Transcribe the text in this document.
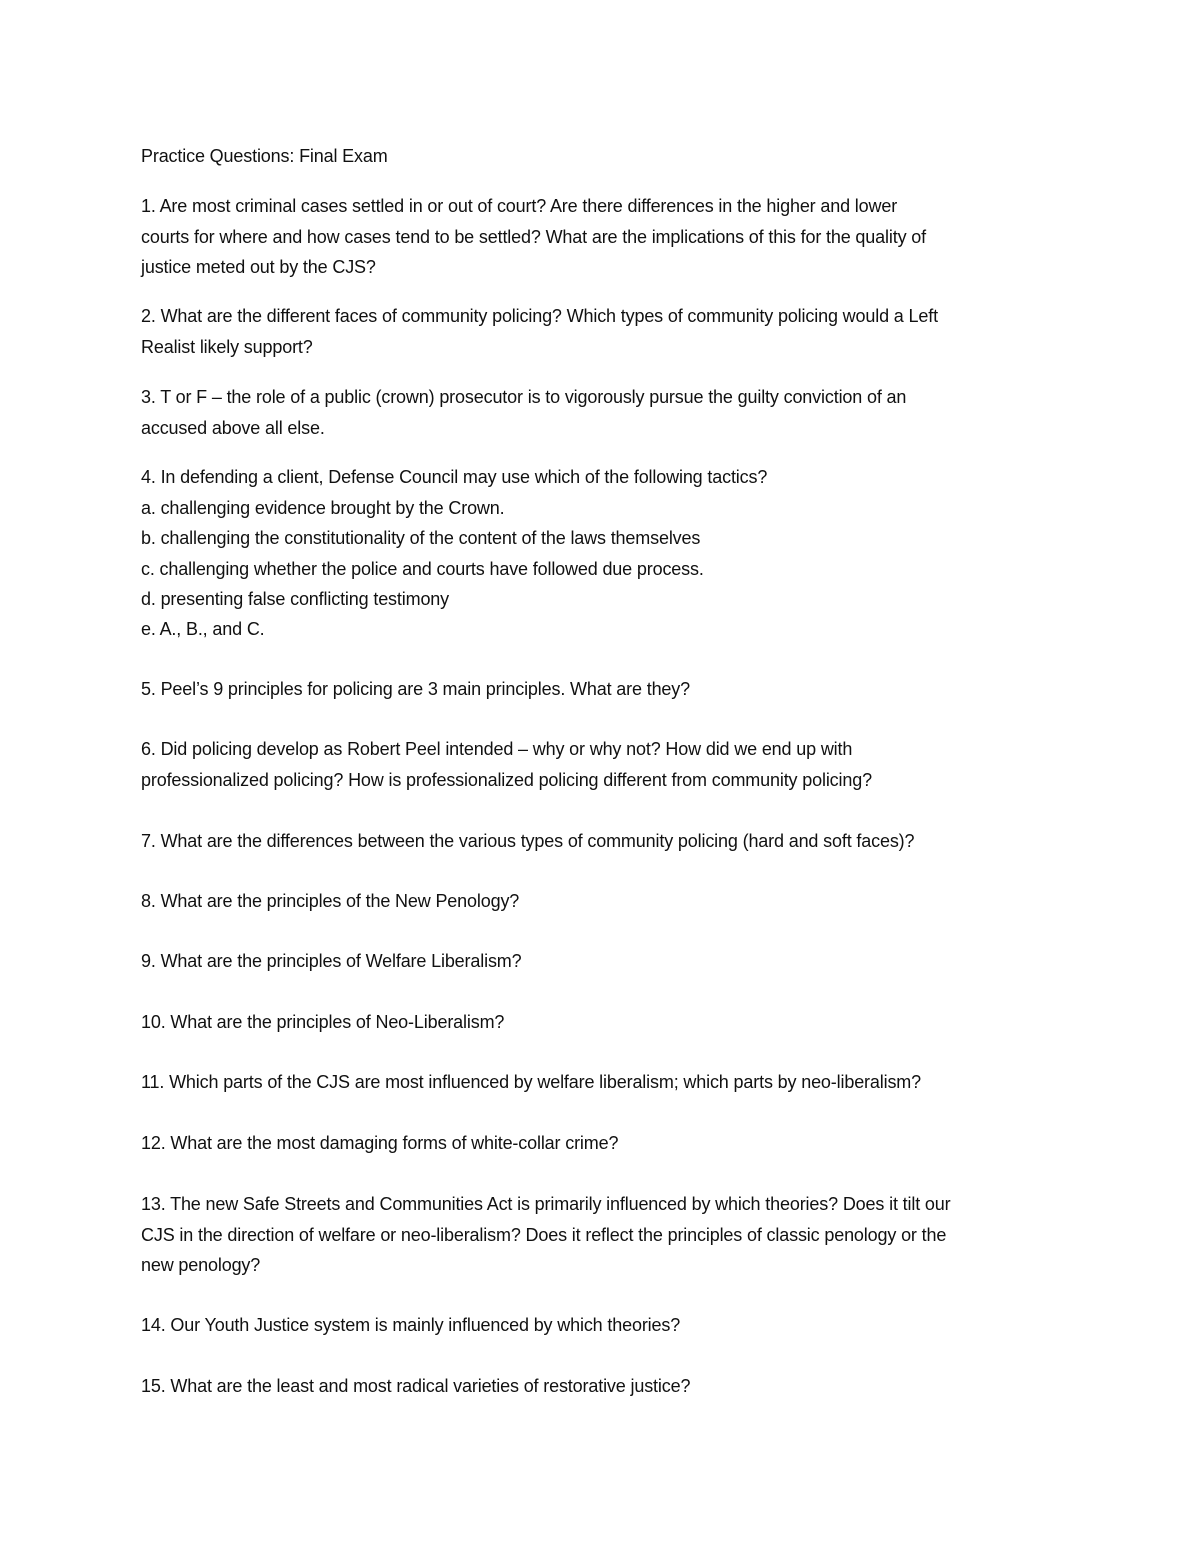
Practice Questions: Final Exam
1. Are most criminal cases settled in or out of court? Are there differences in the higher and lower
courts for where and how cases tend to be settled? What are the implications of this for the quality of
justice meted out by the CJS?
2. What are the different faces of community policing? Which types of community policing would a Left
Realist likely support?
3. T or F – the role of a public (crown) prosecutor is to vigorously pursue the guilty conviction of an
accused above all else.
4. In defending a client, Defense Council may use which of the following tactics?
a. challenging evidence brought by the Crown.
b. challenging the constitutionality of the content of the laws themselves
c. challenging whether the police and courts have followed due process.
d. presenting false conflicting testimony
e. A., B., and C.
5. Peel’s 9 principles for policing are 3 main principles. What are they?
6. Did policing develop as Robert Peel intended – why or why not? How did we end up with
professionalized policing? How is professionalized policing different from community policing?
7. What are the differences between the various types of community policing (hard and soft faces)?
8. What are the principles of the New Penology?
9. What are the principles of Welfare Liberalism?
10. What are the principles of Neo-Liberalism?
11. Which parts of the CJS are most influenced by welfare liberalism; which parts by neo-liberalism?
12. What are the most damaging forms of white-collar crime?
13. The new Safe Streets and Communities Act is primarily influenced by which theories? Does it tilt our
CJS in the direction of welfare or neo-liberalism? Does it reflect the principles of classic penology or the
new penology?
14. Our Youth Justice system is mainly influenced by which theories?
15. What are the least and most radical varieties of restorative justice?
